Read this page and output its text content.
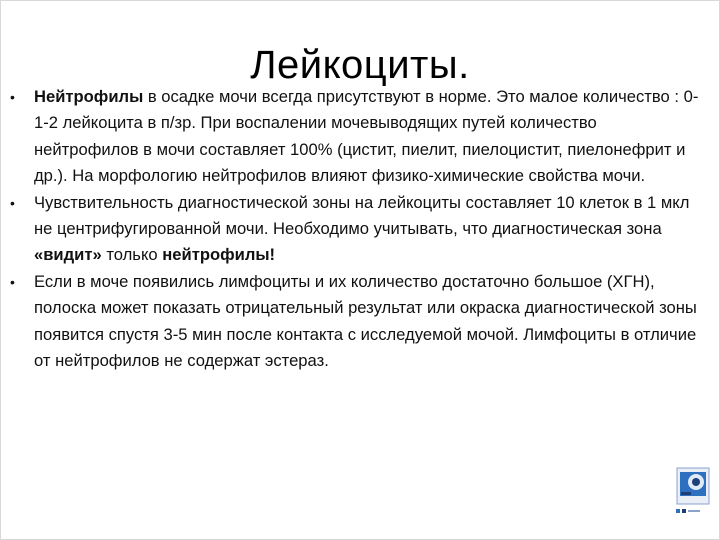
Лейкоциты.
•	Нейтрофилы в осадке мочи всегда присутствуют в норме. Это малое количество : 0-1-2 лейкоцита в п/зр. При воспалении мочевыводящих путей количество нейтрофилов в мочи составляет 100% (цистит, пиелит, пиелоцистит, пиелонефрит и др.). На морфологию нейтрофилов влияют физико-химические свойства мочи.
•	Чувствительность диагностической зоны на лейкоциты составляет 10 клеток в 1 мкл не центрифугированной мочи. Необходимо учитывать, что диагностическая зона «видит» только нейтрофилы!
•	Если в моче появились лимфоциты и их количество достаточно большое (ХГН), полоска может показать отрицательный результат или окраска диагностической зоны появится спустя 3-5 мин после контакта с исследуемой мочой. Лимфоциты в отличие от нейтрофилов не содержат эстераз.
